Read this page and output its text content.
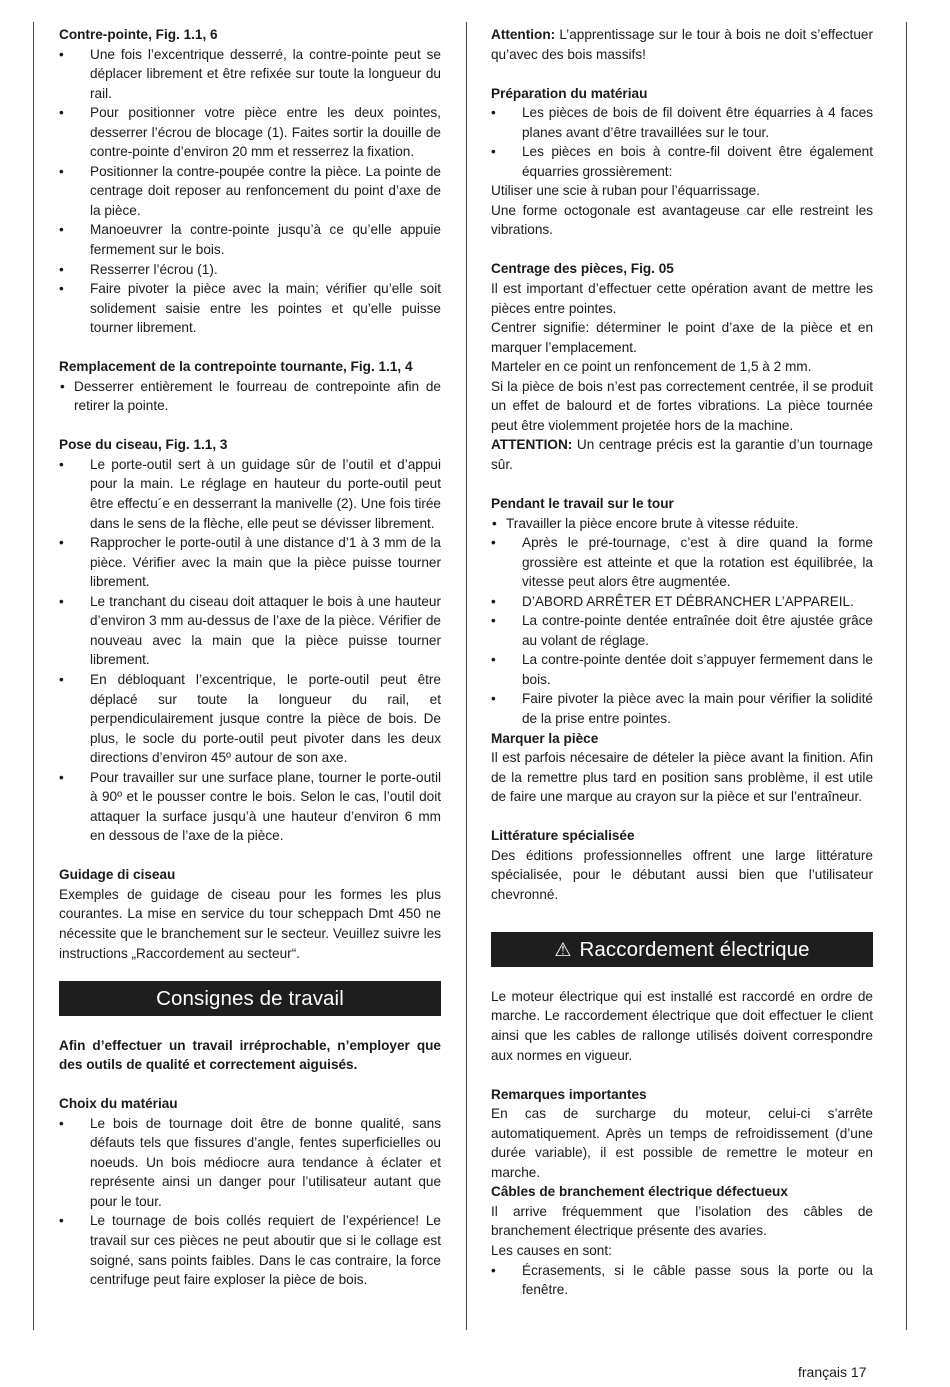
Contre-pointe, Fig. 1.1, 6

• Une fois l’excentrique desserré, la contre-pointe peut se déplacer librement et être refixée sur toute la longueur du rail.
• Pour positionner votre pièce entre les deux pointes, desserrer l’écrou de blocage (1). Faites sortir la douille de contre-pointe d’environ 20 mm et resserrez la fixation.
• Positionner la contre-poupée contre la pièce. La pointe de centrage doit reposer au renfoncement du point d’axe de la pièce.
• Manoeuvrer la contre-pointe jusqu’à ce qu’elle appuie fermement sur le bois.
• Resserrer l’écrou (1).
• Faire pivoter la pièce avec la main; vérifier qu’elle soit solidement saisie entre les pointes et qu’elle puisse tourner librement.

Remplacement de la contrepointe tournante, Fig. 1.1, 4

• Desserrer entièrement le fourreau de contrepointe afin de retirer la pointe.

Pose du ciseau, Fig. 1.1, 3

• Le porte-outil sert à un guidage sûr de l’outil et d’appui pour la main. Le réglage en hauteur du porte-outil peut être effectu´e en desserrant la manivelle (2). Une fois tirée dans le sens de la flèche, elle peut se dévisser librement.
• Rapprocher le porte-outil à une distance d’1 à 3 mm de la pièce. Vérifier avec la main que la pièce puisse tourner librement.
• Le tranchant du ciseau doit attaquer le bois à une hauteur d’environ 3 mm au-dessus de l’axe de la pièce. Vérifier de nouveau avec la main que la pièce puisse tourner librement.
• En débloquant l’excentrique, le porte-outil peut être déplacé sur toute la longueur du rail, et perpendiculairement jusque contre la pièce de bois. De plus, le socle du porte-outil peut pivoter dans les deux directions d’environ 45º autour de son axe.
• Pour travailler sur une surface plane, tourner le porte-outil à 90º et le pousser contre le bois. Selon le cas, l’outil doit attaquer la surface jusqu’à une hauteur d’environ 6 mm en dessous de l’axe de la pièce.

Guidage di ciseau

Exemples de guidage de ciseau pour les formes les plus courantes. La mise en service du tour scheppach Dmt 450 ne nécessite que le branchement sur le secteur. Veuillez suivre les instructions „Raccordement au secteur“.

Consignes de travail

Afin d’effectuer un travail irréprochable, n’employer que des outils de qualité et correctement aiguisés.

Choix du matériau

• Le bois de tournage doit être de bonne qualité, sans défauts tels que fissures d’angle, fentes superficielles ou noeuds. Un bois médiocre aura tendance à éclater et représente ainsi un danger pour l’utilisateur autant que pour le tour.
• Le tournage de bois collés requiert de l’expérience! Le travail sur ces pièces ne peut aboutir que si le collage est soigné, sans points faibles. Dans le cas contraire, la force centrifuge peut faire exploser la pièce de bois.

Attention: L’apprentissage sur le tour à bois ne doit s’effectuer qu’avec des bois massifs!

Préparation du matériau

• Les pièces de bois de fil doivent être équarries à 4 faces planes avant d’être travaillées sur le tour.
• Les pièces en bois à contre-fil doivent être également équarries grossièrement:

Utiliser une scie à ruban pour l’équarrissage.

Une forme octogonale est avantageuse car elle restreint les vibrations.

Centrage des pièces, Fig. 05

Il est important d’effectuer cette opération avant de mettre les pièces entre pointes.

Centrer signifie: déterminer le point d’axe de la pièce et en marquer l’emplacement.

Marteler en ce point un renfoncement de 1,5 à 2 mm.

Si la pièce de bois n’est pas correctement centrée, il se produit un effet de balourd et de fortes vibrations. La pièce tournée peut être violemment projetée hors de la machine.

ATTENTION: Un centrage précis est la garantie d’un tournage sûr.

Pendant le travail sur le tour

• Travailler la pièce encore brute à vitesse réduite.
• Après le pré-tournage, c’est à dire quand la forme grossière est atteinte et que la rotation est équilibrée, la vitesse peut alors être augmentée.
• D’ABORD ARRÊTER ET DÉBRANCHER L’APPAREIL.
• La contre-pointe dentée entraînée doit être ajustée grâce au volant de réglage.
• La contre-pointe dentée doit s’appuyer fermement dans le bois.
• Faire pivoter la pièce avec la main pour vérifier la solidité de la prise entre pointes.

Marquer la pièce

Il est parfois nécesaire de dételer la pièce avant la finition. Afin de la remettre plus tard en position sans problème, il est utile de faire une marque au crayon sur la pièce et sur l’entraîneur.

Littérature spécialisée

Des éditions professionnelles offrent une large littérature spécialisée, pour le débutant aussi bien que l’utilisateur chevronné.

⚠ Raccordement électrique

Le moteur électrique qui est installé est raccordé en ordre de marche. Le raccordement électrique que doit effectuer le client ainsi que les cables de rallonge utilisés doivent correspondre aux normes en vigueur.

Remarques importantes

En cas de surcharge du moteur, celui-ci s’arrête automatiquement. Après un temps de refroidissement (d’une durée variable), il est possible de remettre le moteur en marche.

Câbles de branchement électrique défectueux

Il arrive fréquemment que l’isolation des câbles de branchement électrique présente des avaries.

Les causes en sont:

• Écrasements, si le câble passe sous la porte ou la fenêtre.
français 17
